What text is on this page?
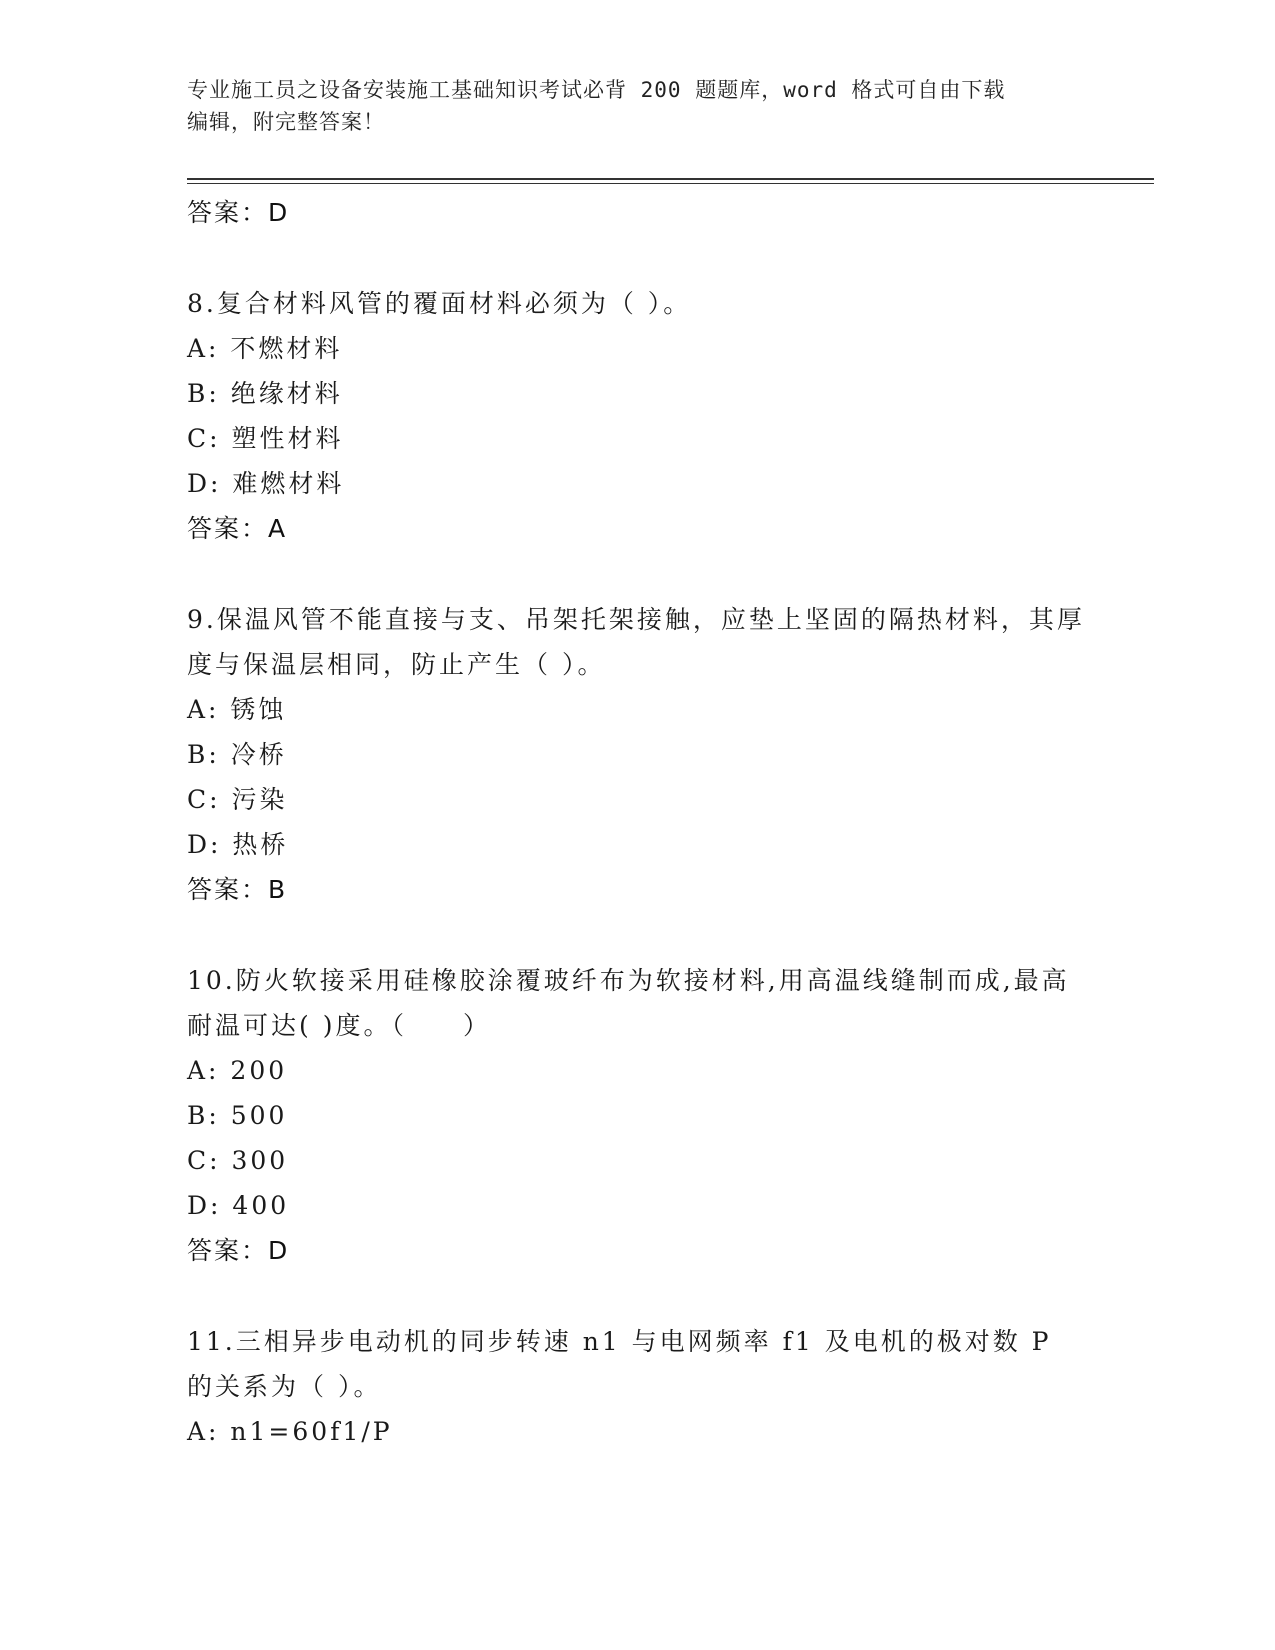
专业施工员之设备安装施工基础知识考试必背 200 题题库，word 格式可自由下载
编辑，附完整答案！
答案：D

8.复合材料风管的覆面材料必须为（ ）。

A: 不燃材料
B: 绝缘材料
C: 塑性材料
D: 难燃材料
答案：A

9.保温风管不能直接与支、吊架托架接触，应垫上坚固的隔热材料，其厚度与保温层相同，防止产生（ ）。

A: 锈蚀
B: 冷桥
C: 污染
D: 热桥
答案：B

10.防火软接采用硅橡胶涂覆玻纤布为软接材料,用高温线缝制而成,最高耐温可达( )度。（　　）

A: 200
B: 500
C: 300
D: 400
答案：D

11.三相异步电动机的同步转速 n1 与电网频率 f1 及电机的极对数 P 的关系为（ ）。

A: n1=60f1/P
